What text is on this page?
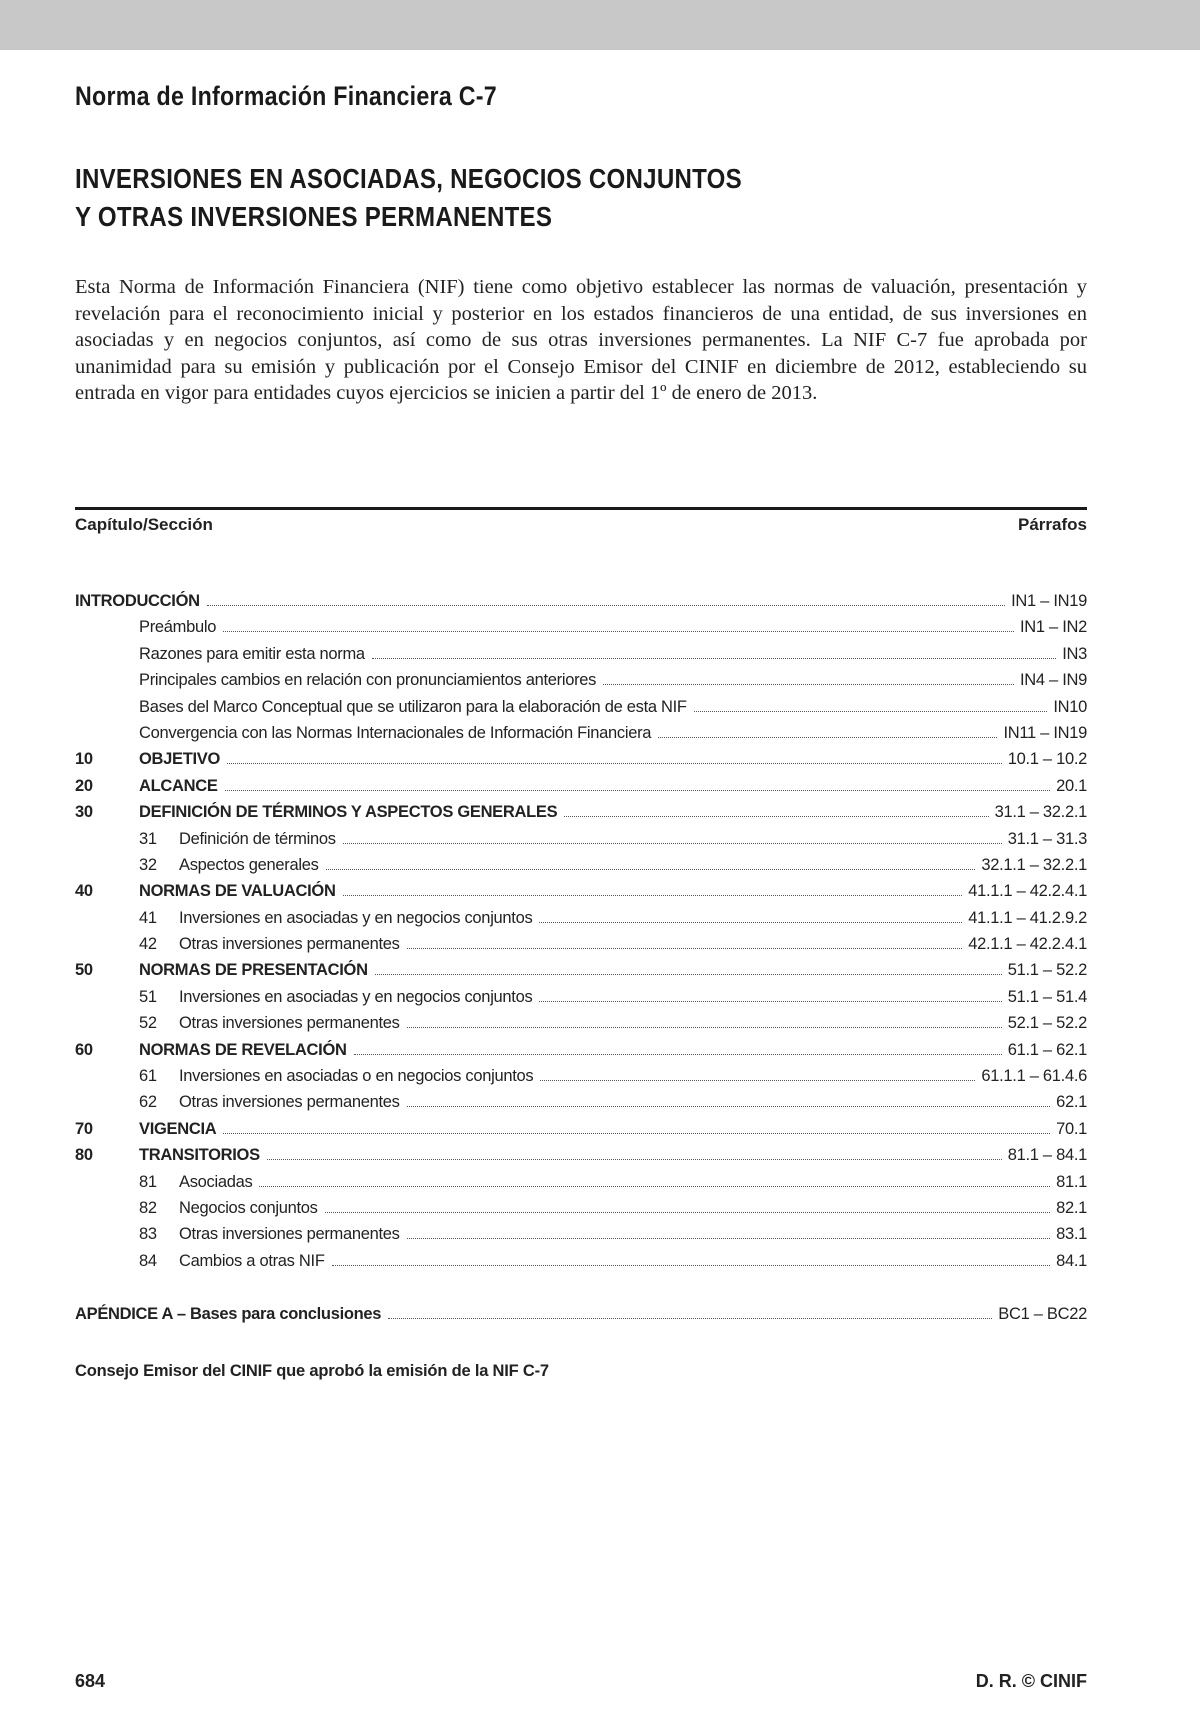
Norma de Información Financiera C-7
INVERSIONES EN ASOCIADAS, NEGOCIOS CONJUNTOS
Y OTRAS INVERSIONES PERMANENTES

Esta Norma de Información Financiera (NIF) tiene como objetivo establecer las normas de valuación, presentación y revelación para el reconocimiento inicial y posterior en los estados financieros de una entidad, de sus inversiones en asociadas y en negocios conjuntos, así como de sus otras inversiones permanentes. La NIF C-7 fue aprobada por unanimidad para su emisión y publicación por el Consejo Emisor del CINIF en diciembre de 2012, estableciendo su entrada en vigor para entidades cuyos ejercicios se inicien a partir del 1º de enero de 2013.

Capítulo/Sección	Párrafos
INTRODUCCIÓN	IN1 – IN19
Preámbulo	IN1 – IN2
Razones para emitir esta norma	IN3
Principales cambios en relación con pronunciamientos anteriores	IN4 – IN9
Bases del Marco Conceptual que se utilizaron para la elaboración de esta NIF	IN10
Convergencia con las Normas Internacionales de Información Financiera	IN11 – IN19
10	OBJETIVO	10.1 – 10.2
20	ALCANCE	20.1
30	DEFINICIÓN DE TÉRMINOS Y ASPECTOS GENERALES	31.1 – 32.2.1
31	Definición de términos	31.1 – 31.3
32	Aspectos generales	32.1.1 – 32.2.1
40	NORMAS DE VALUACIÓN	41.1.1 – 42.2.4.1
41	Inversiones en asociadas y en negocios conjuntos	41.1.1 – 41.2.9.2
42	Otras inversiones permanentes	42.1.1 – 42.2.4.1
50	NORMAS DE PRESENTACIÓN	51.1 – 52.2
51	Inversiones en asociadas y en negocios conjuntos	51.1 – 51.4
52	Otras inversiones permanentes	52.1 – 52.2
60	NORMAS DE REVELACIÓN	61.1 – 62.1
61	Inversiones en asociadas o en negocios conjuntos	61.1.1 – 61.4.6
62	Otras inversiones permanentes	62.1
70	VIGENCIA	70.1
80	TRANSITORIOS	81.1 – 84.1
81	Asociadas	81.1
82	Negocios conjuntos	82.1
83	Otras inversiones permanentes	83.1
84	Cambios a otras NIF	84.1
APÉNDICE A – Bases para conclusiones	BC1 – BC22
Consejo Emisor del CINIF que aprobó la emisión de la NIF C-7
684	D. R. © CINIF
